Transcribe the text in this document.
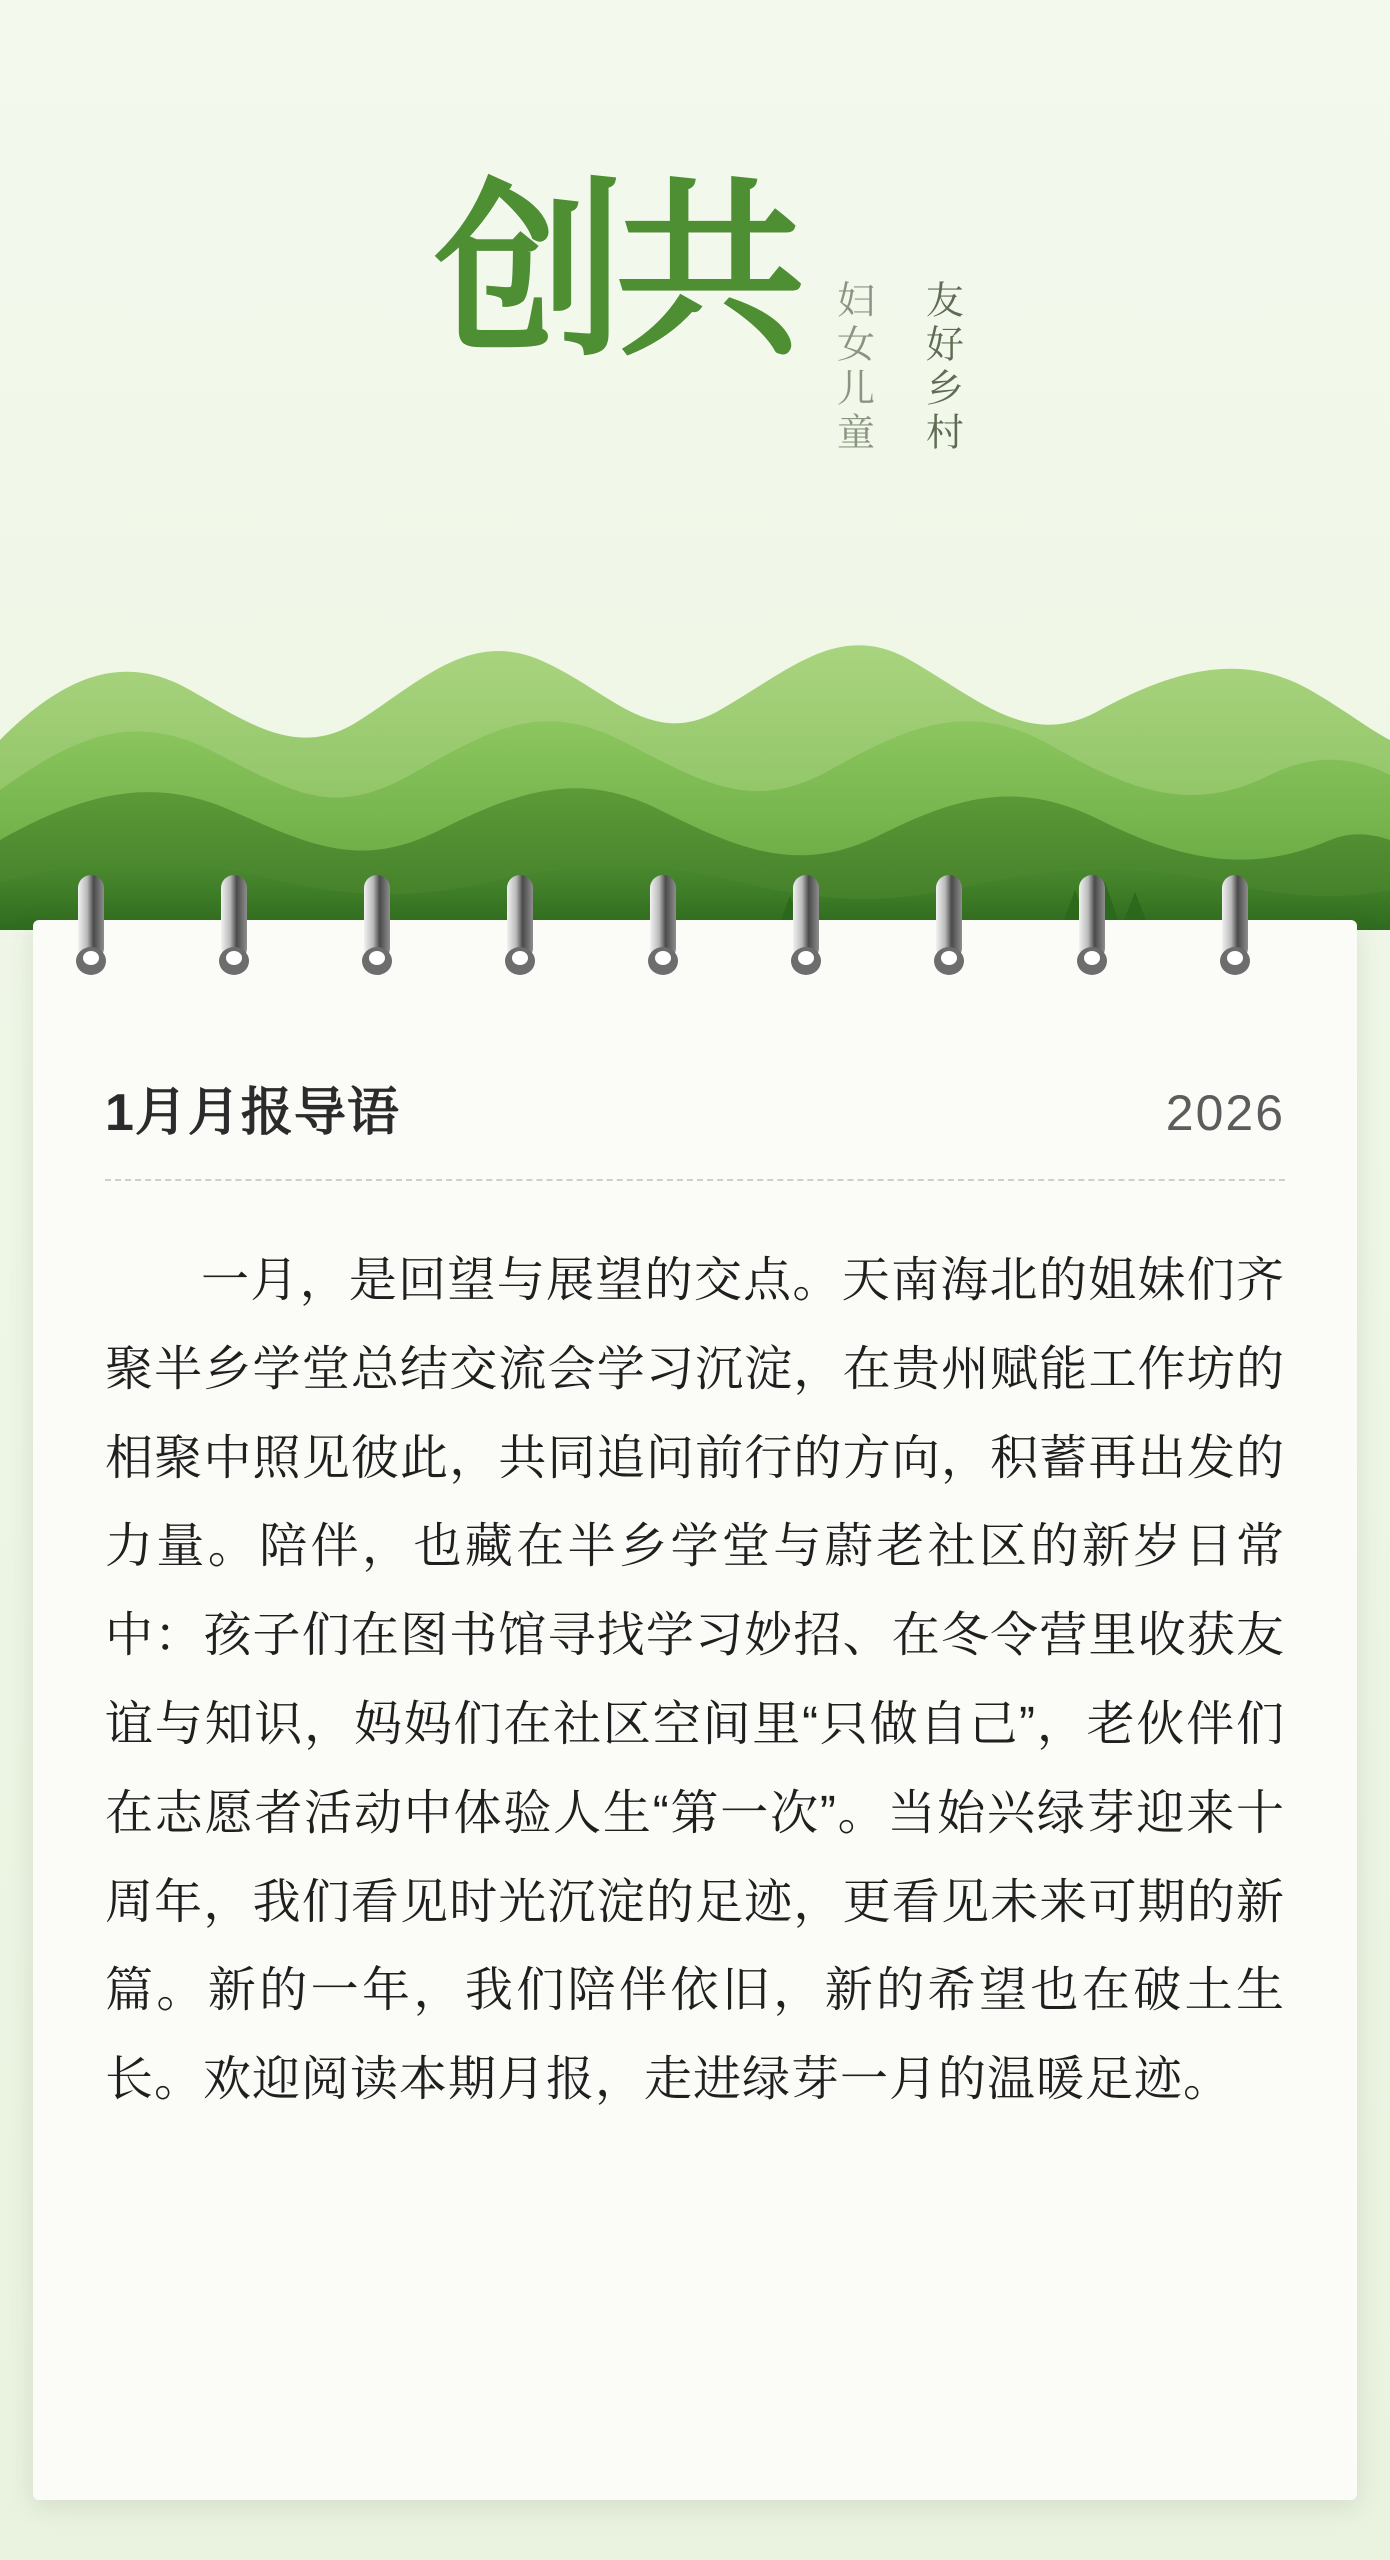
共创
友好乡村
妇女儿童
1月月报导语	2026
一月，是回望与展望的交点。天南海北的姐妹们齐聚半乡学堂总结交流会学习沉淀，在贵州赋能工作坊的相聚中照见彼此，共同追问前行的方向，积蓄再出发的力量。陪伴，也藏在半乡学堂与蔚老社区的新岁日常中：孩子们在图书馆寻找学习妙招、在冬令营里收获友谊与知识，妈妈们在社区空间里“只做自己”，老伙伴们在志愿者活动中体验人生“第一次”。当始兴绿芽迎来十周年，我们看见时光沉淀的足迹，更看见未来可期的新篇。新的一年，我们陪伴依旧，新的希望也在破土生长。欢迎阅读本期月报，走进绿芽一月的温暖足迹。
